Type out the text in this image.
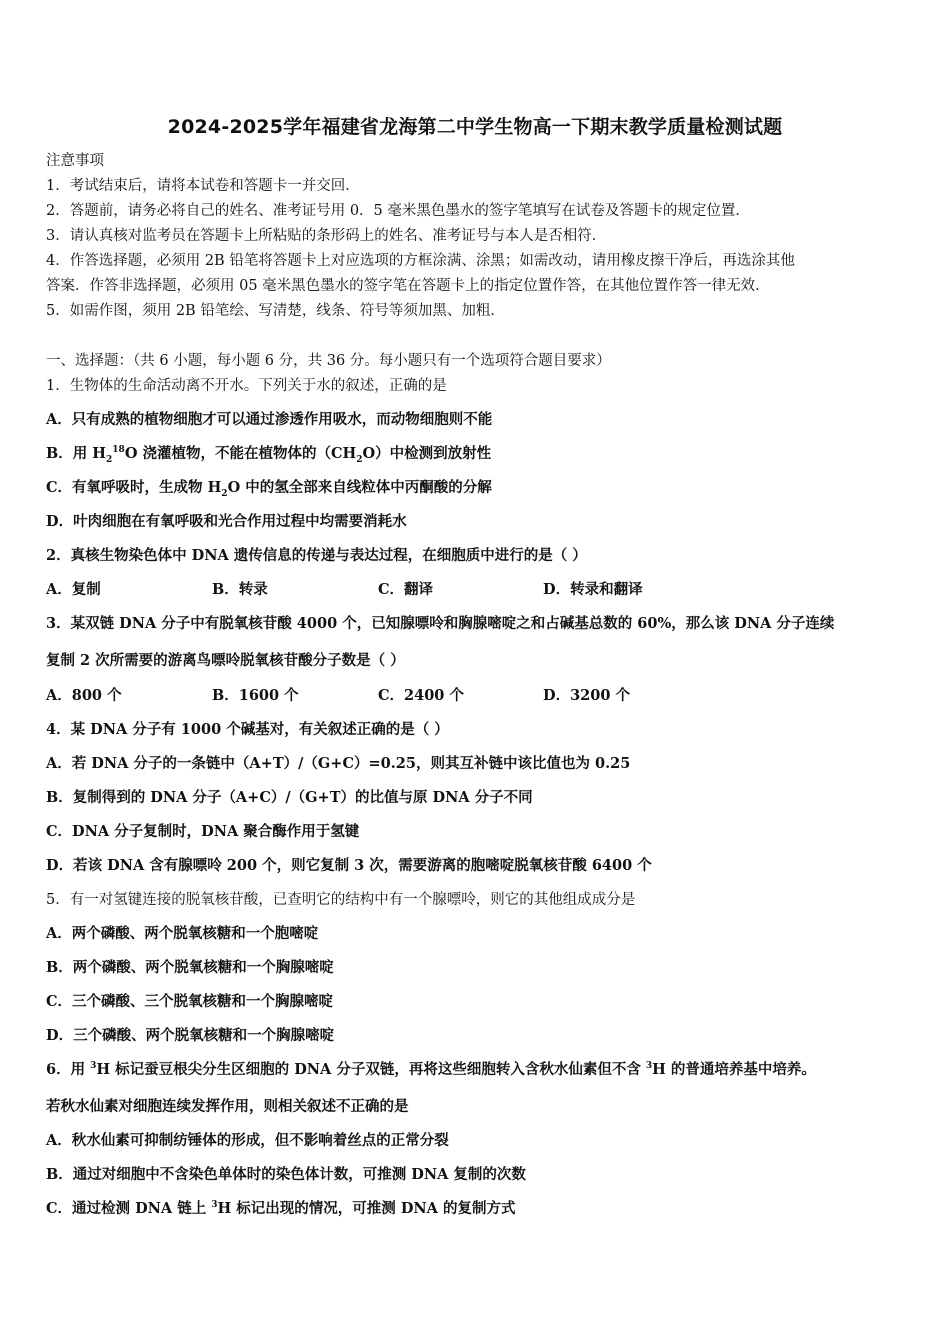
2024-2025学年福建省龙海第二中学生物高一下期末教学质量检测试题
注意事项
1．考试结束后，请将本试卷和答题卡一并交回．
2．答题前，请务必将自己的姓名、准考证号用 0．5 毫米黑色墨水的签字笔填写在试卷及答题卡的规定位置．
3．请认真核对监考员在答题卡上所粘贴的条形码上的姓名、准考证号与本人是否相符．
4．作答选择题，必须用 2B 铅笔将答题卡上对应选项的方框涂满、涂黑；如需改动，请用橡皮擦干净后，再选涂其他
答案．作答非选择题，必须用 05 毫米黑色墨水的签字笔在答题卡上的指定位置作答，在其他位置作答一律无效．
5．如需作图，须用 2B 铅笔绘、写清楚，线条、符号等须加黑、加粗．
一、选择题：（共 6 小题，每小题 6 分，共 36 分。每小题只有一个选项符合题目要求）
1．生物体的生命活动离不开水。下列关于水的叙述，正确的是
A．只有成熟的植物细胞才可以通过渗透作用吸水，而动物细胞则不能
B．用 $H_2^{18}O$ 浇灌植物，不能在植物体的$(CH_2O)$中检测到放射性
C．有氧呼吸时，生成物 $H_2O$ 中的氢全部来自线粒体中丙酮酸的分解
D．叶肉细胞在有氧呼吸和光合作用过程中均需要消耗水
2．真核生物染色体中 DNA 遗传信息的传递与表达过程，在细胞质中进行的是（ ）
A．复制	B．转录	C．翻译	D．转录和翻译
3．某双链 DNA 分子中有脱氧核苷酸 4000 个，已知腺嘌呤和胸腺嘧啶之和占碱基总数的 60%，那么该 DNA 分子连续
复制 2 次所需要的游离鸟嘌呤脱氧核苷酸分子数是（ ）
A．800 个	B．1600 个	C．2400 个	D．3200 个
4．某 DNA 分子有 1000 个碱基对，有关叙述正确的是（ ）
A．若 DNA 分子的一条链中（A+T）/（G+C）=0.25，则其互补链中该比值也为 0.25
B．复制得到的 DNA 分子（A+C）/（G+T）的比值与原 DNA 分子不同
C．DNA 分子复制时，DNA 聚合酶作用于氢键
D．若该 DNA 含有腺嘌呤 200 个，则它复制 3 次，需要游离的胞嘧啶脱氧核苷酸 6400 个
5．有一对氢键连接的脱氧核苷酸，已查明它的结构中有一个腺嘌呤，则它的其他组成成分是
A．两个磷酸、两个脱氧核糖和一个胞嘧啶
B．两个磷酸、两个脱氧核糖和一个胸腺嘧啶
C．三个磷酸、三个脱氧核糖和一个胸腺嘧啶
D．三个磷酸、两个脱氧核糖和一个胸腺嘧啶
6．用 $^3$H 标记蚕豆根尖分生区细胞的 DNA 分子双链，再将这些细胞转入含秋水仙素但不含 $^3$H 的普通培养基中培养。
若秋水仙素对细胞连续发挥作用，则相关叙述不正确的是
A．秋水仙素可抑制纺锤体的形成，但不影响着丝点的正常分裂
B．通过对细胞中不含染色单体时的染色体计数，可推测 DNA 复制的次数
C．通过检测 DNA 链上 $^3$H 标记出现的情况，可推测 DNA 的复制方式
